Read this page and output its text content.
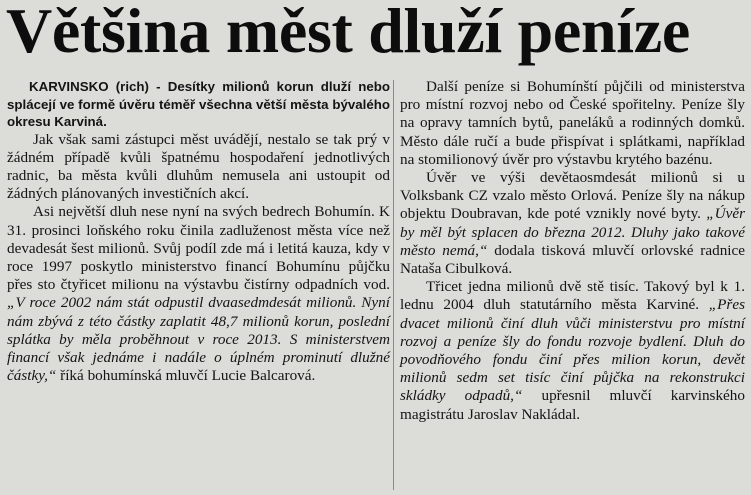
Většina měst dluží peníze

KARVINSKO (rich) - Desítky milionů korun dluží nebo splácejí ve formě úvěru téměř všechna větší města bývalého okresu Karviná.

Jak však sami zástupci měst uvádějí, nestalo se tak prý v žádném případě kvůli špatnému hospodaření jednotlivých radnic, ba města kvůli dluhům nemusela ani ustoupit od žádných plánovaných investičních akcí.

Asi největší dluh nese nyní na svých bedrech Bohumín. K 31. prosinci loňského roku činila zadluženost města více než devadesát šest milionů. Svůj podíl zde má i letitá kauza, kdy v roce 1997 poskytlo ministerstvo financí Bohumínu půjčku přes sto čtyřicet milionu na výstavbu čistírny odpadních vod. „V roce 2002 nám stát odpustil dvaasedmdesát milionů. Nyní nám zbývá z této částky zaplatit 48,7 milionů korun, poslední splátka by měla proběhnout v roce 2013. S ministerstvem financí však jednáme i nadále o úplném prominutí dlužné částky,“ říká bohumínská mluvčí Lucie Balcarová.

Další peníze si Bohumínští půjčili od ministerstva pro místní rozvoj nebo od České spořitelny. Peníze šly na opravy tamních bytů, paneláků a rodinných domků. Město dále ručí a bude přispívat i splátkami, například na stomilionový úvěr pro výstavbu krytého bazénu.

Úvěr ve výši devětaosmdesát milionů si u Volksbank CZ vzalo město Orlová. Peníze šly na nákup objektu Doubravan, kde poté vznikly nové byty. „Úvěr by měl být splacen do března 2012. Dluhy jako takové město nemá,“ dodala tisková mluvčí orlovské radnice Nataša Cibulková.

Třicet jedna milionů dvě stě tisíc. Takový byl k 1. lednu 2004 dluh statutárního města Karviné. „Přes dvacet milionů činí dluh vůči ministerstvu pro místní rozvoj a peníze šly do fondu rozvoje bydlení. Dluh do povodňového fondu činí přes milion korun, devět milionů sedm set tisíc činí půjčka na rekonstrukci skládky odpadů,“ upřesnil mluvčí karvinského magistrátu Jaroslav Nakládal.
